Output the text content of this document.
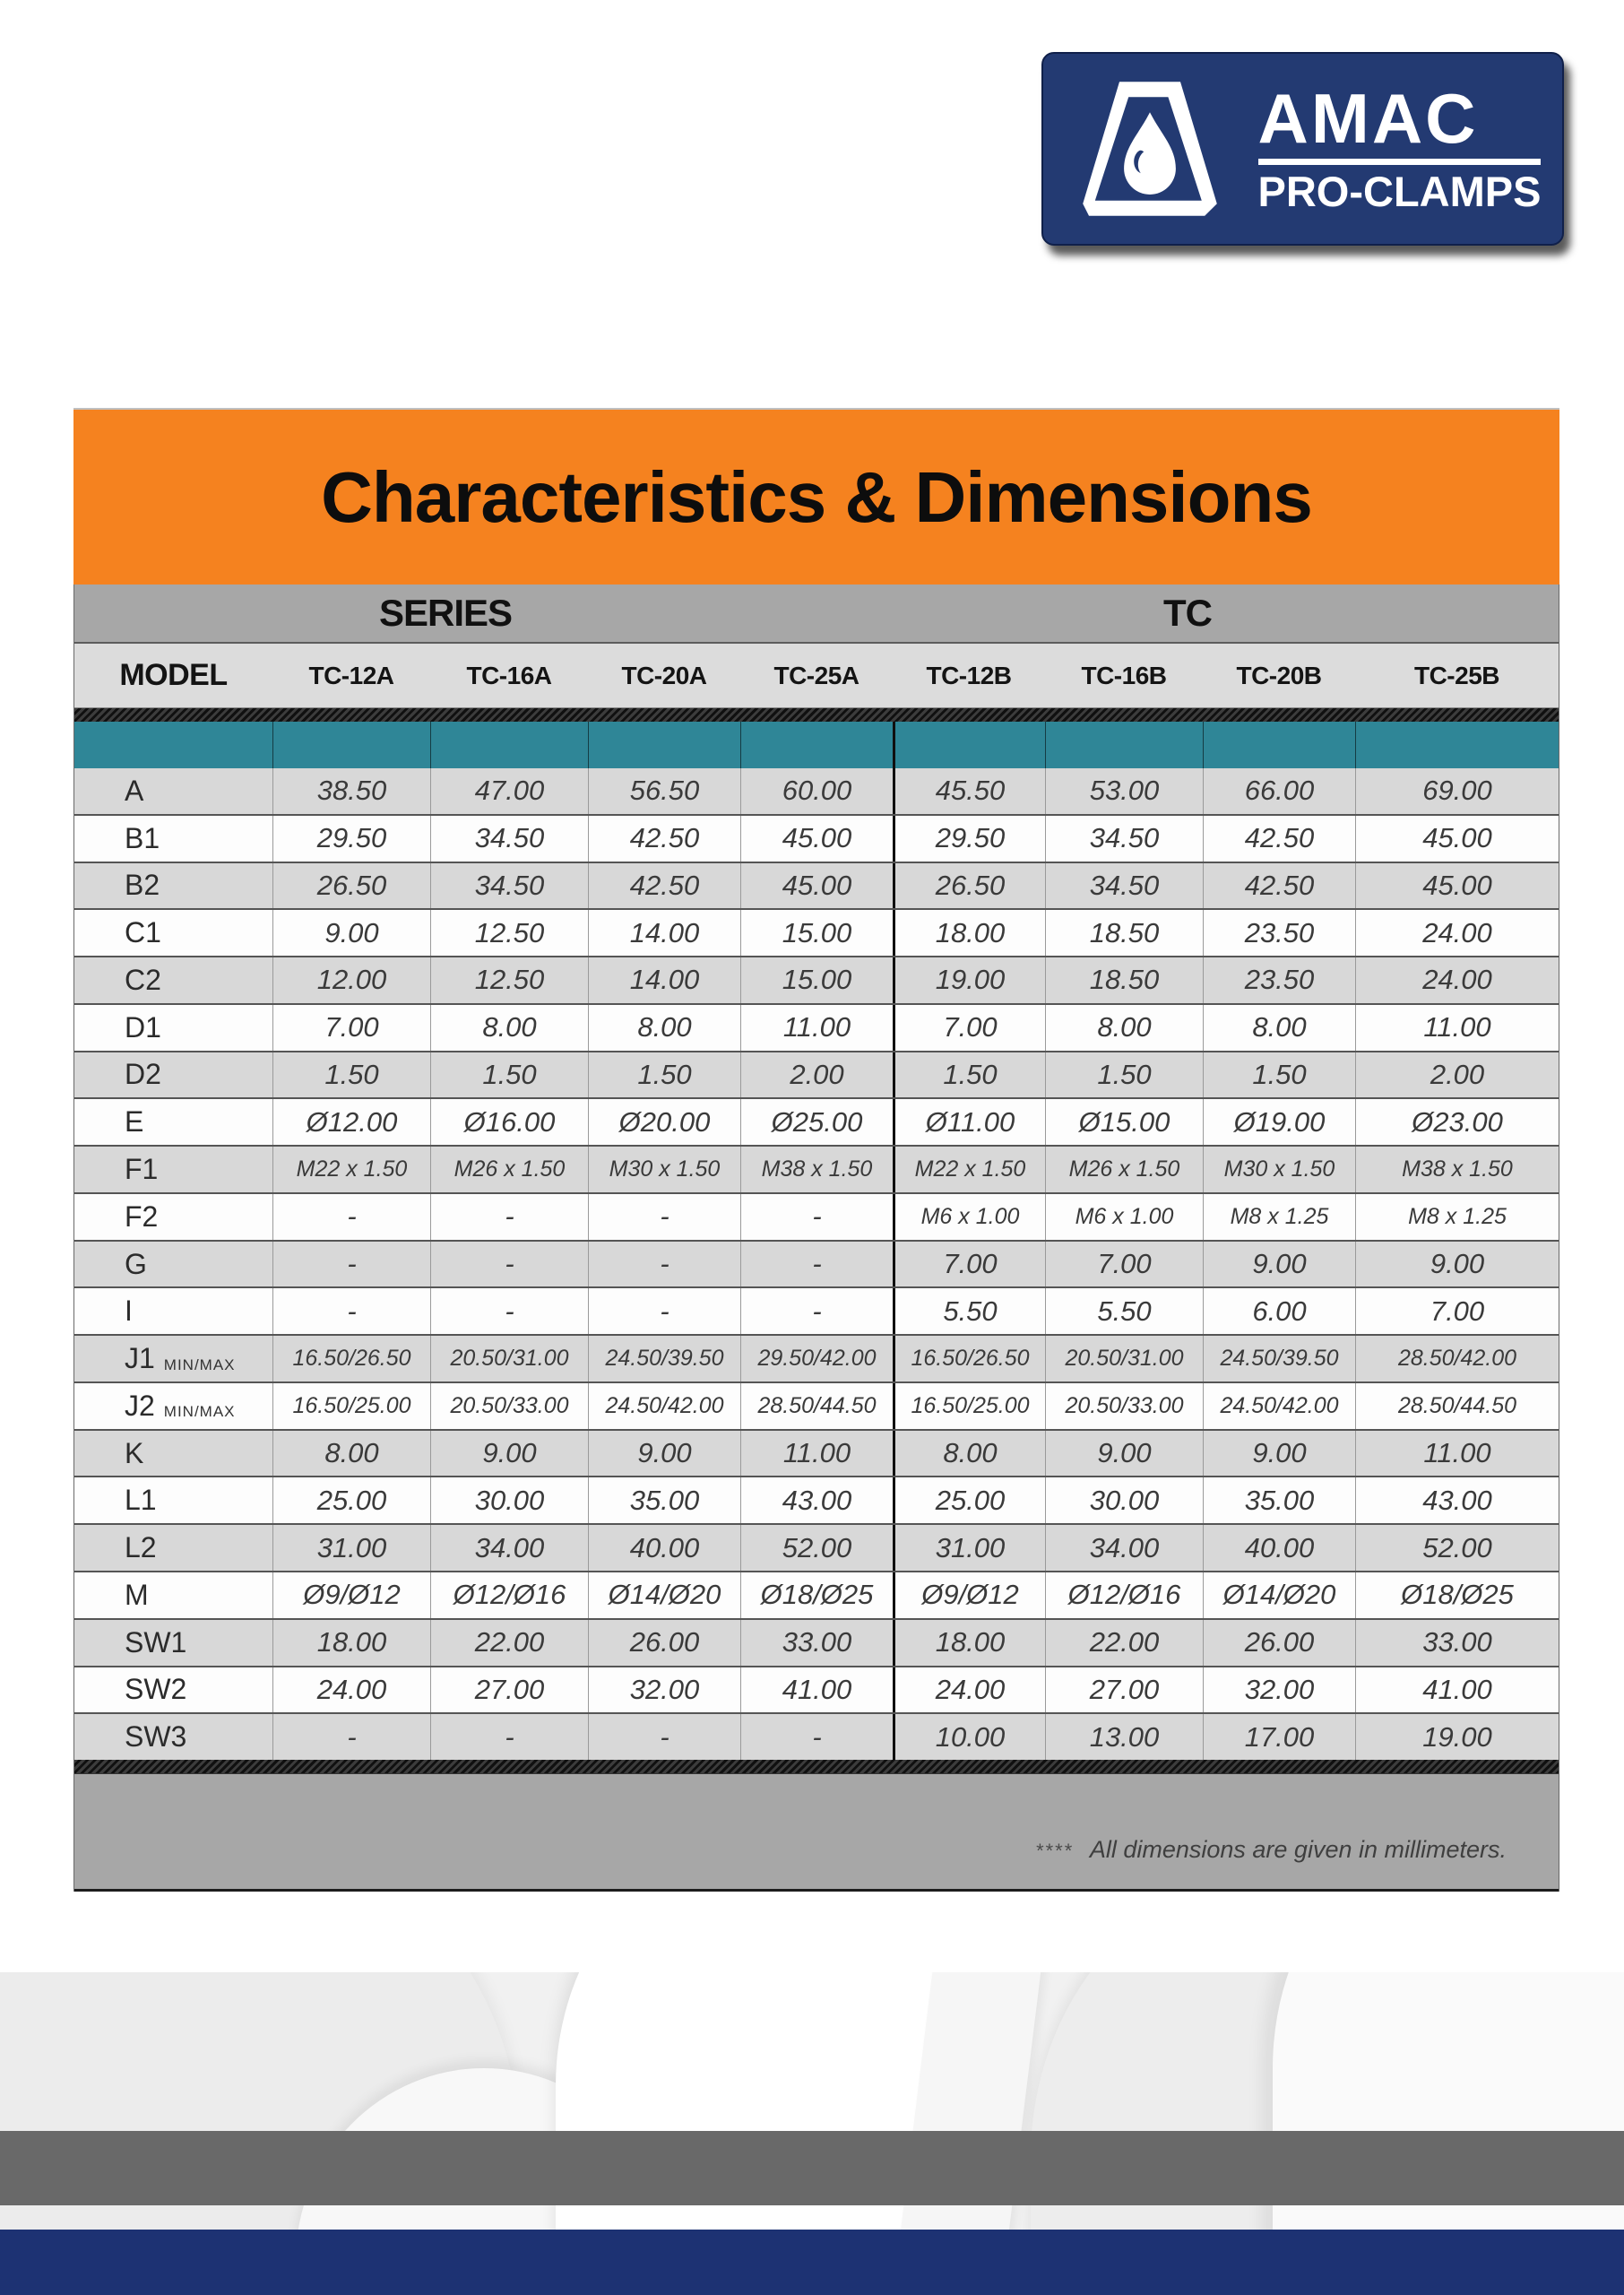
AMAC
PRO-CLAMPS
Characteristics & Dimensions
SERIES	TC
MODEL	TC-12A	TC-16A	TC-20A	TC-25A	TC-12B	TC-16B	TC-20B	TC-25B
A	38.50	47.00	56.50	60.00	45.50	53.00	66.00	69.00
B1	29.50	34.50	42.50	45.00	29.50	34.50	42.50	45.00
B2	26.50	34.50	42.50	45.00	26.50	34.50	42.50	45.00
C1	9.00	12.50	14.00	15.00	18.00	18.50	23.50	24.00
C2	12.00	12.50	14.00	15.00	19.00	18.50	23.50	24.00
D1	7.00	8.00	8.00	11.00	7.00	8.00	8.00	11.00
D2	1.50	1.50	1.50	2.00	1.50	1.50	1.50	2.00
E	Ø12.00	Ø16.00	Ø20.00	Ø25.00	Ø11.00	Ø15.00	Ø19.00	Ø23.00
F1	M22 x 1.50	M26 x 1.50	M30 x 1.50	M38 x 1.50	M22 x 1.50	M26 x 1.50	M30 x 1.50	M38 x 1.50
F2	-	-	-	-	M6 x 1.00	M6 x 1.00	M8 x 1.25	M8 x 1.25
G	-	-	-	-	7.00	7.00	9.00	9.00
I	-	-	-	-	5.50	5.50	6.00	7.00
J1 MIN/MAX	16.50/26.50	20.50/31.00	24.50/39.50	29.50/42.00	16.50/26.50	20.50/31.00	24.50/39.50	28.50/42.00
J2 MIN/MAX	16.50/25.00	20.50/33.00	24.50/42.00	28.50/44.50	16.50/25.00	20.50/33.00	24.50/42.00	28.50/44.50
K	8.00	9.00	9.00	11.00	8.00	9.00	9.00	11.00
L1	25.00	30.00	35.00	43.00	25.00	30.00	35.00	43.00
L2	31.00	34.00	40.00	52.00	31.00	34.00	40.00	52.00
M	Ø9/Ø12	Ø12/Ø16	Ø14/Ø20	Ø18/Ø25	Ø9/Ø12	Ø12/Ø16	Ø14/Ø20	Ø18/Ø25
SW1	18.00	22.00	26.00	33.00	18.00	22.00	26.00	33.00
SW2	24.00	27.00	32.00	41.00	24.00	27.00	32.00	41.00
SW3	-	-	-	-	10.00	13.00	17.00	19.00
**** All dimensions are given in millimeters.
